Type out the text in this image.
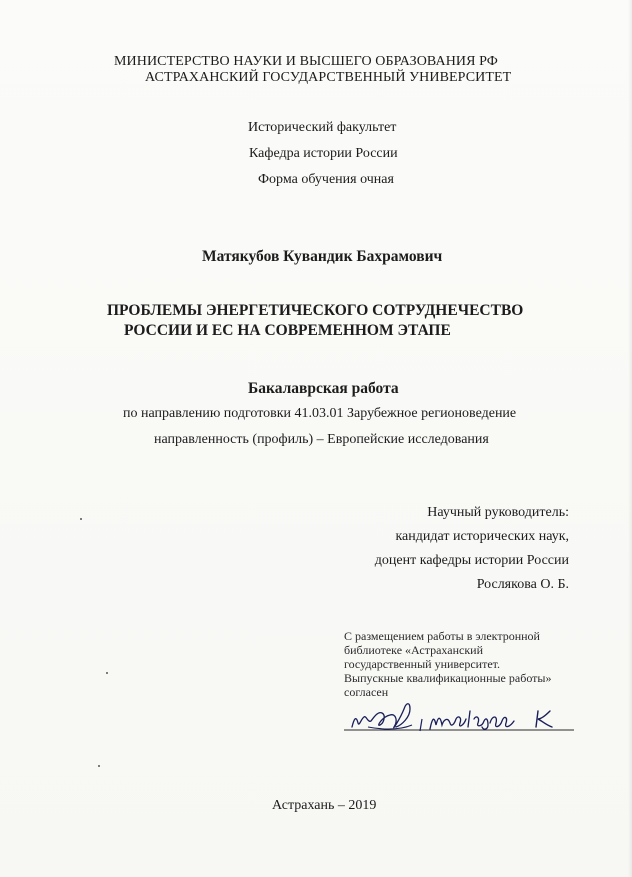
МИНИСТЕРСТВО НАУКИ И ВЫСШЕГО ОБРАЗОВАНИЯ РФ
АСТРАХАНСКИЙ ГОСУДАРСТВЕННЫЙ УНИВЕРСИТЕТ
Исторический факультет
Кафедра истории России
Форма обучения очная
Матякубов Кувандик Бахрамович
ПРОБЛЕМЫ ЭНЕРГЕТИЧЕСКОГО СОТРУДНЕЧЕСТВО
РОССИИ И ЕС НА СОВРЕМЕННОМ ЭТАПЕ
Бакалаврская работа
по направлению подготовки 41.03.01 Зарубежное регионоведение
направленность (профиль) – Европейские исследования
Научный руководитель:
кандидат исторических наук,
доцент кафедры истории России
Рослякова О. Б.
С размещением работы в электронной
библиотеке «Астраханский
государственный университет.
Выпускные квалификационные работы»
согласен
Астрахань – 2019
